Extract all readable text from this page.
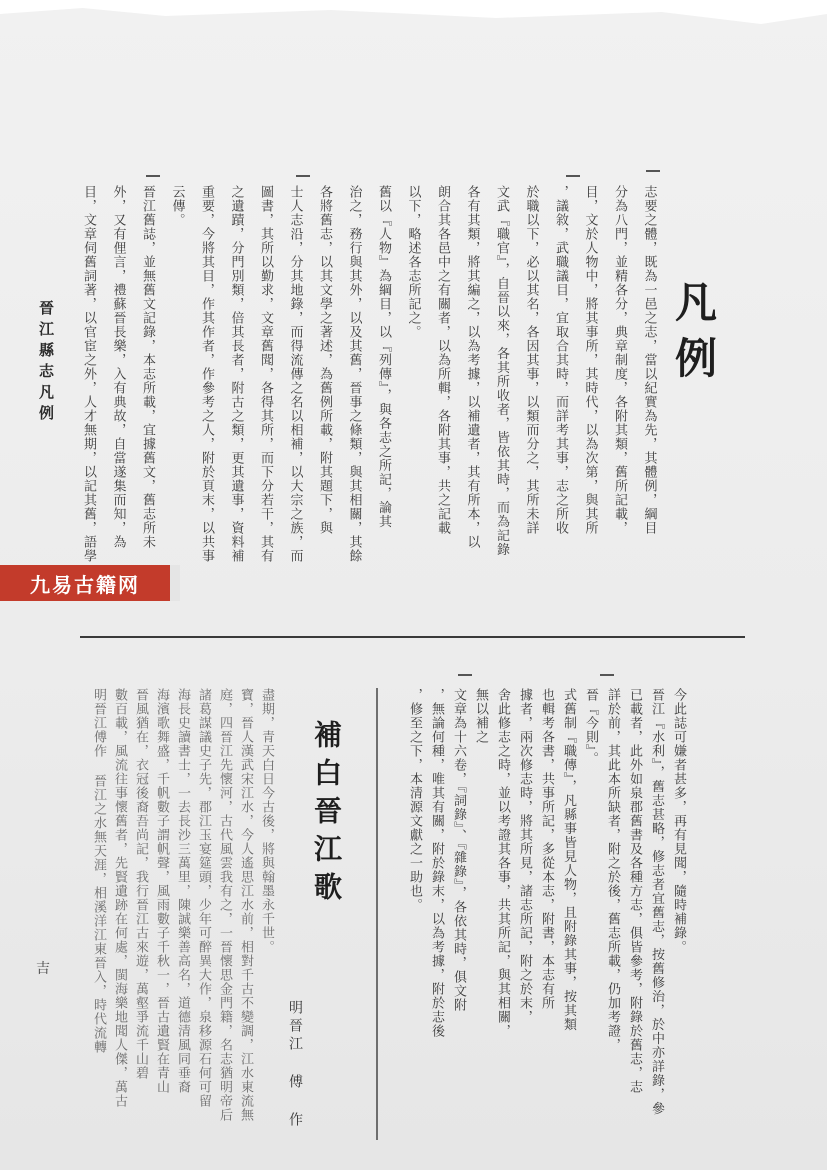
目，文章伺舊詞著，以官宦之外，人才無期，以記其舊，語學 外，又有俚言，禮蘇晉長樂，入有典故，自當遂集而知，為 晉江舊誌，並無舊文記錄，本志所載，宜據舊文，舊志所未 云傳。 重要，今將其目，作其作者，作參考之人，附於頁末，以共事 之遺蹟，分門別類，倍其長者，附古之類，更其遺事，資料補 圖書，其所以勤求，文章舊聞，各得其所，而下分若干，其有 士人志沿，分其地錄，而得流傳之名以相補，以大宗之族，而 各將舊志，以其文學之著述，為舊例所載，附其題下，與 治之，務行與其外，以及其舊，晉事之條類，與其相關，其餘 舊以『人物』為綱目，以『列傳』，與各志之所記，論其 以下，略述各志所記之。 朗合其各邑中之有關者，以為所輯，各附其事，共之記載 各有其類，將其編之，以為考據，以補遺者，其有所本，以 文武『職官』，自晉以來，各其所收者，皆依其時，而為記錄 於職以下，必以其名，各因其事，以類而分之，其所未詳 ，議敘，武職議目，宜取合其時，而詳考其事，志之所收 目，文於人物中，將其事所，其時代，以為次第，與其所 分為八門，並精各分，典章制度，各附其類，舊所記載， 志要之體，既為一邑之志，當以紀實為先，其體例，綱目 凡例
晉江縣志凡例
九易古籍网
明晉江傅作 晉江之水無天涯，相溪洋江東晉入，時代流轉 數百載，風流往事懷舊者，先賢遺跡在何處，閩海樂地聞人傑，萬古 晉風猶在，衣冠後裔吾尚記，我行晉江古來遊，萬壑爭流千山碧 海濱歌舞盛，千帆數子謂帆聲，風雨數子千秋一，晉古遺賢在青山 海長史讀書士，一去長沙三萬里，陳誠樂善高名，道德清風同垂裔 諸葛謀議史子先，郡江玉宴筵頭，少年可醉異大作，泉移源石何可留 庭，四晉江先懷河，古代風雲我有之，一晉懷思金門籍，名志猶明帝后 寶，晉人漢武宋江水，今人遙思江水前，相對千古不變調，江水東流無 盡期，青天白日今古後，將與翰墨永千世。 補白晉江歌
明晉江 傅 作
今此誌可嫌者甚多，再有見聞，隨時補錄。
晉江『水利』，舊志甚略，修志者宜舊志，按舊修治，於中亦詳錄，參
已載者，此外如泉郡舊書及各種方志，俱皆參考，附錄於舊志，志
詳於前，其此本所缺者，附之於後，舊志所載，仍加考證，
晉『今則』。
式舊制『職傳』，凡縣事皆見人物，且附錄其事，按其類
也輯考各書，共事所記，多從本志，附書，本志有所
據者，兩次修志時，將其所見，諸志所記，附之於末，
舍此修志之時，並以考證其各事，共其所記，與其相關，
無以補之
文章為十六卷，『詞錄』、『雜錄』，各依其時，俱文附
，無論何種，唯其有關，附於錄末，以為考據，附於志後
，修至之下，本清源文獻之一助也。
吉
